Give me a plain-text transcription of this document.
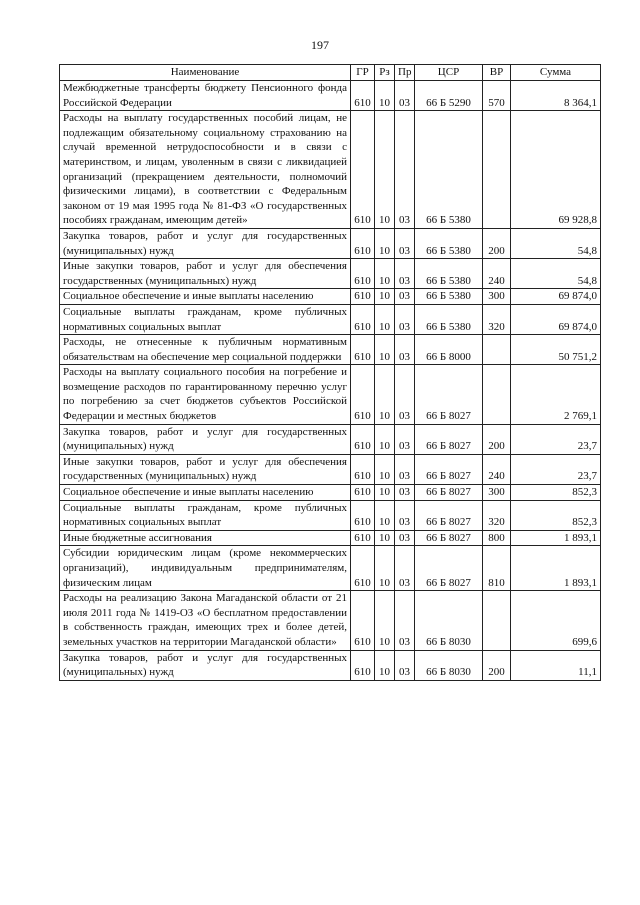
197
Наименование	ГР	Рз	Пр	ЦСР	ВР	Сумма
Межбюджетные трансферты бюджету Пенсионного фонда Российской Федерации	610	10	03	66 Б 5290	570	8 364,1
Расходы на выплату государственных пособий лицам, не подлежащим обязательному социальному страхованию на случай временной нетрудоспособности и в связи с материнством, и лицам, уволенным в связи с ликвидацией организаций (прекращением деятельности, полномочий физическими лицами), в соответствии с Федеральным законом от 19 мая 1995 года № 81-ФЗ «О государственных пособиях гражданам, имеющим детей»	610	10	03	66 Б 5380		69 928,8
Закупка товаров, работ и услуг для государственных (муниципальных) нужд	610	10	03	66 Б 5380	200	54,8
Иные закупки товаров, работ и услуг для обеспечения государственных (муниципальных) нужд	610	10	03	66 Б 5380	240	54,8
Социальное обеспечение и иные выплаты населению	610	10	03	66 Б 5380	300	69 874,0
Социальные выплаты гражданам, кроме публичных нормативных социальных выплат	610	10	03	66 Б 5380	320	69 874,0
Расходы, не отнесенные к публичным нормативным обязательствам на обеспечение мер социальной поддержки	610	10	03	66 Б 8000		50 751,2
Расходы на выплату социального пособия на погребение и возмещение расходов по гарантированному перечню услуг по погребению за счет бюджетов субъектов Российской Федерации и местных бюджетов	610	10	03	66 Б 8027		2 769,1
Закупка товаров, работ и услуг для государственных (муниципальных) нужд	610	10	03	66 Б 8027	200	23,7
Иные закупки товаров, работ и услуг для обеспечения государственных (муниципальных) нужд	610	10	03	66 Б 8027	240	23,7
Социальное обеспечение и иные выплаты населению	610	10	03	66 Б 8027	300	852,3
Социальные выплаты гражданам, кроме публичных нормативных социальных выплат	610	10	03	66 Б 8027	320	852,3
Иные бюджетные ассигнования	610	10	03	66 Б 8027	800	1 893,1
Субсидии юридическим лицам (кроме некоммерческих организаций), индивидуальным предпринимателям, физическим лицам	610	10	03	66 Б 8027	810	1 893,1
Расходы на реализацию Закона Магаданской области от 21 июля 2011 года № 1419-ОЗ «О бесплатном предоставлении в собственность граждан, имеющих трех и более детей, земельных участков на территории Магаданской области»	610	10	03	66 Б 8030		699,6
Закупка товаров, работ и услуг для государственных (муниципальных) нужд	610	10	03	66 Б 8030	200	11,1
